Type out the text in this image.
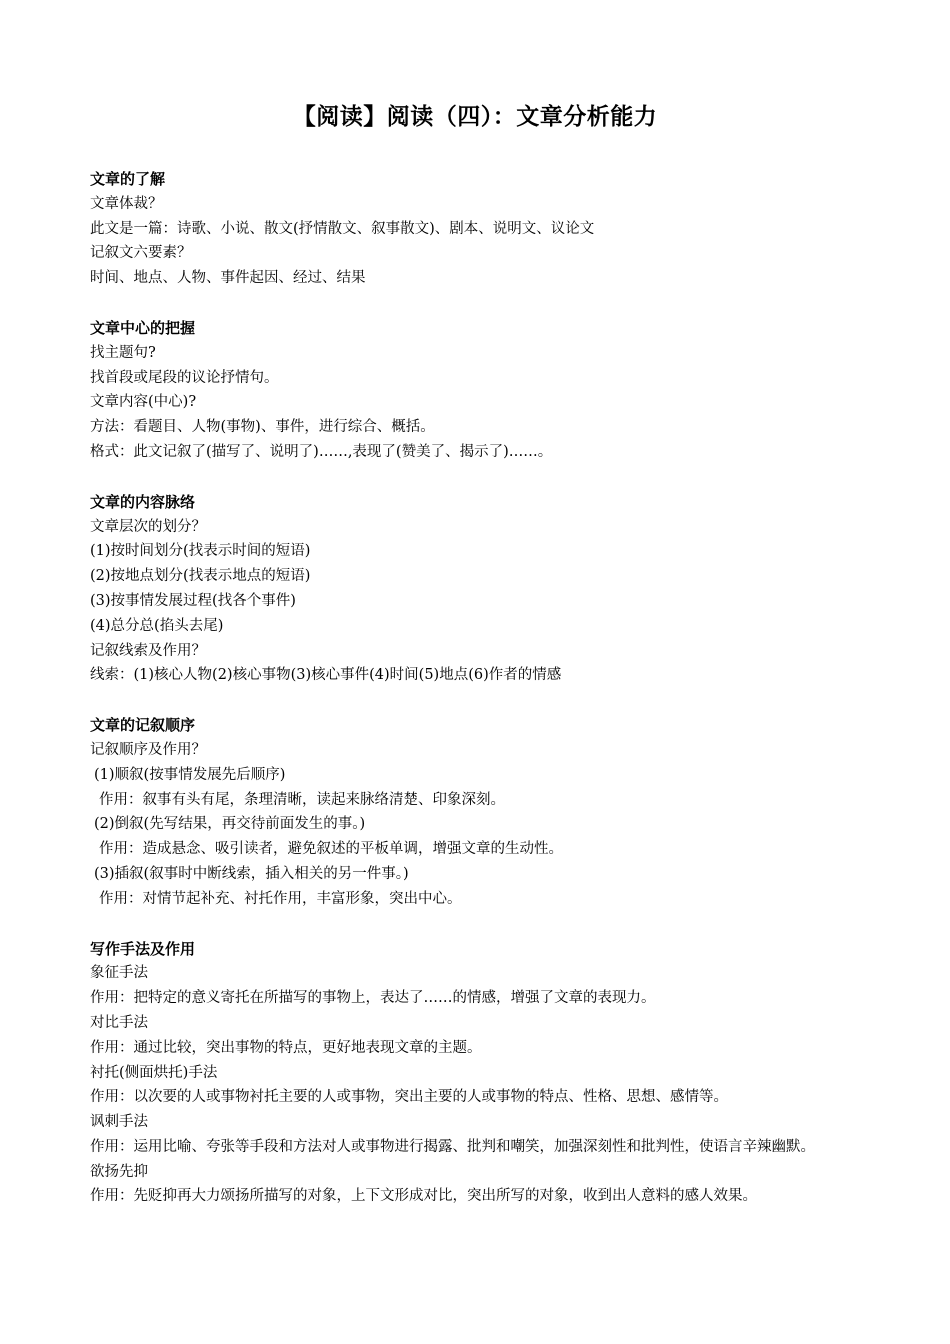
【阅读】阅读（四）：文章分析能力
文章的了解
文章体裁？
此文是一篇：诗歌、小说、散文(抒情散文、叙事散文)、剧本、说明文、议论文
记叙文六要素？
时间、地点、人物、事件起因、经过、结果
文章中心的把握
找主题句?
找首段或尾段的议论抒情句。
文章内容(中心)?
方法：看题目、人物(事物)、事件，进行综合、概括。
格式：此文记叙了(描写了、说明了)……,表现了(赞美了、揭示了)……。
文章的内容脉络
文章层次的划分？
(1)按时间划分(找表示时间的短语)
(2)按地点划分(找表示地点的短语)
(3)按事情发展过程(找各个事件)
(4)总分总(掐头去尾)
记叙线索及作用？
线索：(1)核心人物(2)核心事物(3)核心事件(4)时间(5)地点(6)作者的情感
文章的记叙顺序
记叙顺序及作用？
(1)顺叙(按事情发展先后顺序)
作用：叙事有头有尾，条理清晰，读起来脉络清楚、印象深刻。
(2)倒叙(先写结果，再交待前面发生的事。)
作用：造成悬念、吸引读者，避免叙述的平板单调，增强文章的生动性。
(3)插叙(叙事时中断线索，插入相关的另一件事。)
作用：对情节起补充、衬托作用，丰富形象，突出中心。
写作手法及作用
象征手法
作用：把特定的意义寄托在所描写的事物上，表达了……的情感，增强了文章的表现力。
对比手法
作用：通过比较，突出事物的特点，更好地表现文章的主题。
衬托(侧面烘托)手法
作用：以次要的人或事物衬托主要的人或事物，突出主要的人或事物的特点、性格、思想、感情等。
讽刺手法
作用：运用比喻、夸张等手段和方法对人或事物进行揭露、批判和嘲笑，加强深刻性和批判性，使语言辛辣幽默。
欲扬先抑
作用：先贬抑再大力颂扬所描写的对象，上下文形成对比，突出所写的对象，收到出人意料的感人效果。
